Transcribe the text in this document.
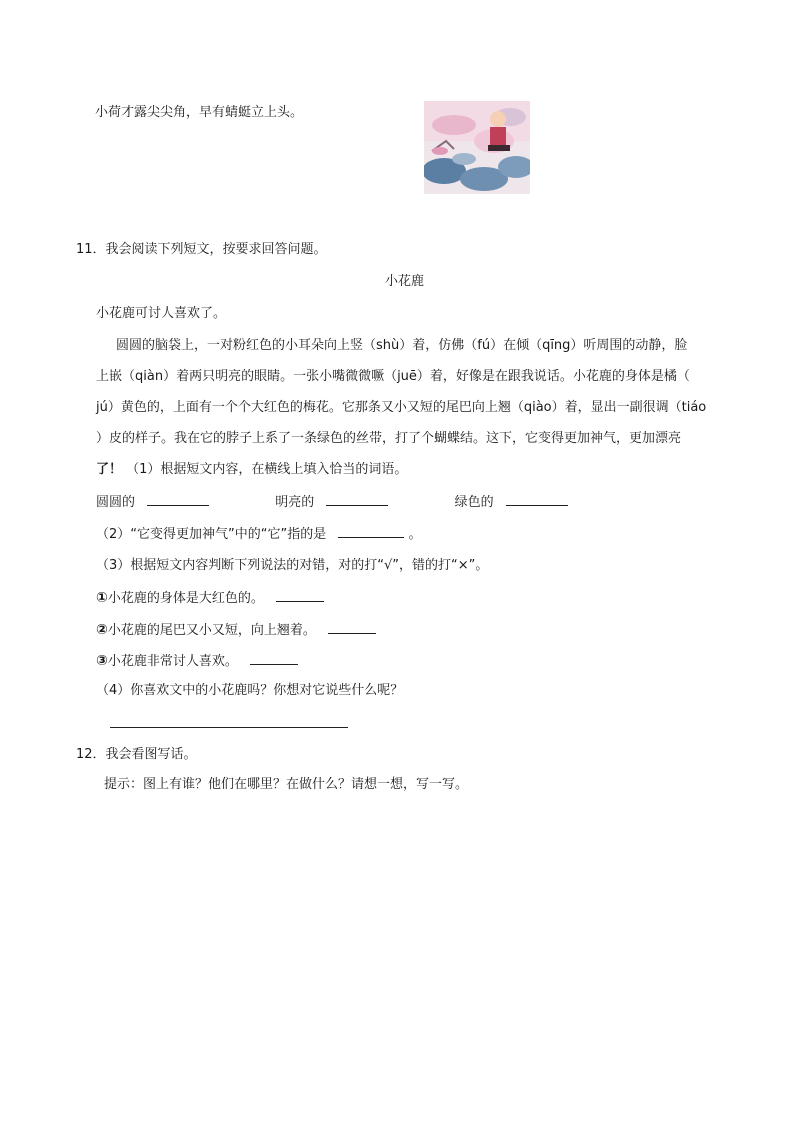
小荷才露尖尖角，早有蜻蜓立上头。
11．我会阅读下列短文，按要求回答问题。
小花鹿
小花鹿可讨人喜欢了。
圆圆的脑袋上，一对粉红色的小耳朵向上竖（shù）着，仿佛（fú）在倾（qīng）听周围的动静，脸
上嵌（qiàn）着两只明亮的眼睛。一张小嘴微微噘（juē）着，好像是在跟我说话。小花鹿的身体是橘（
jú）黄色的，上面有一个个大红色的梅花。它那条又小又短的尾巴向上翘（qiào）着，显出一副很调（tiáo
）皮的样子。我在它的脖子上系了一条绿色的丝带，打了个蝴蝶结。这下，它变得更加神气，更加漂亮
了！ （1）根据短文内容，在横线上填入恰当的词语。
圆圆的	明亮的	绿色的
（2）“它变得更加神气”中的“它”指的是	。
（3）根据短文内容判断下列说法的对错，对的打“√”，错的打“×”。
①小花鹿的身体是大红色的。
②小花鹿的尾巴又小又短，向上翘着。
③小花鹿非常讨人喜欢。
（4）你喜欢文中的小花鹿吗？你想对它说些什么呢？
12．我会看图写话。
提示：图上有谁？他们在哪里？在做什么？请想一想，写一写。
